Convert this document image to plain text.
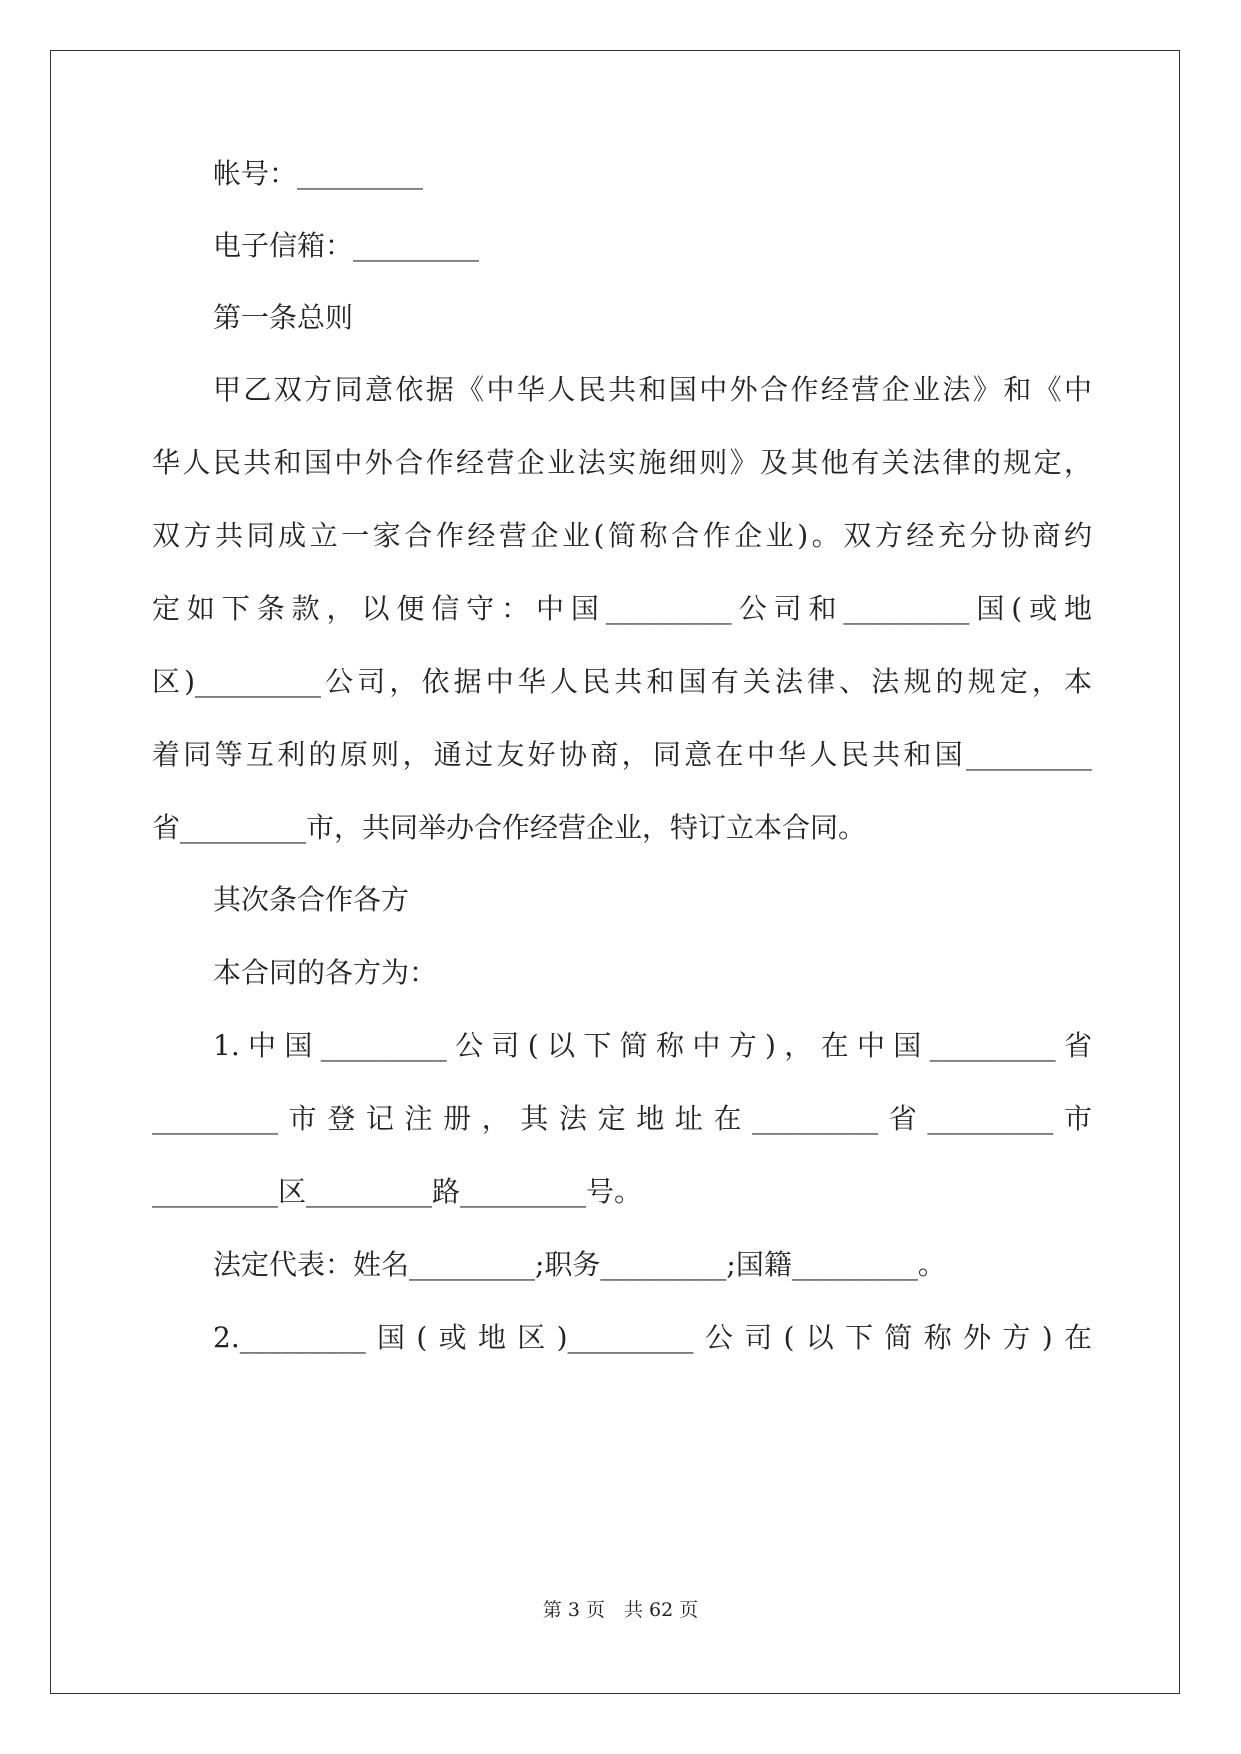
帐号：_________
电子信箱：_________
第一条总则
甲乙双方同意依据《中华人民共和国中外合作经营企业法》和《中
华人民共和国中外合作经营企业法实施细则》及其他有关法律的规定，
双方共同成立一家合作经营企业(简称合作企业)。双方经充分协商约
定如下条款，以便信守：中国_________公司和_________国(或地
区)_________公司，依据中华人民共和国有关法律、法规的规定，本
着同等互利的原则，通过友好协商，同意在中华人民共和国_________
省_________市，共同举办合作经营企业，特订立本合同。
其次条合作各方
本合同的各方为：
1.中国_________公司(以下简称中方)，在中国_________省
_________市登记注册，其法定地址在_________省_________市
_________区_________路_________号。
法定代表：姓名_________;职务_________;国籍_________。
2._________国(或地区)_________公司(以下简称外方)在
第 3 页　共 62 页
